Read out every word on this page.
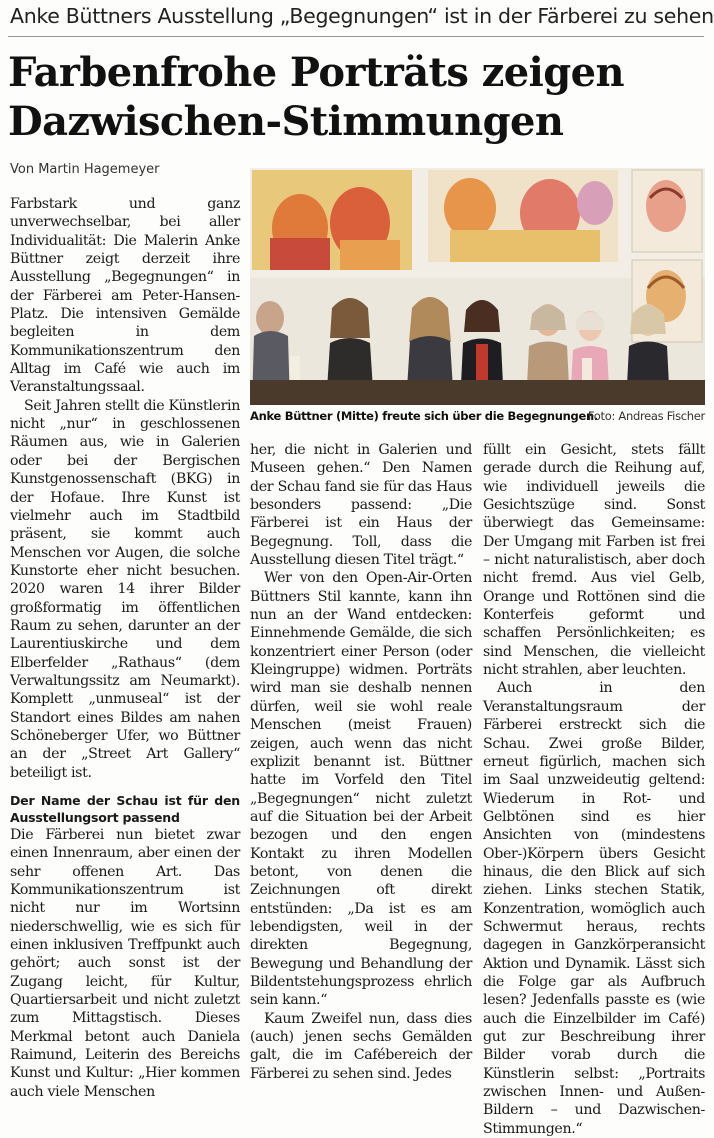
Anke Büttners Ausstellung „Begegnungen“ ist in der Färberei zu sehen
Farbenfrohe Porträts zeigen
Dazwischen-Stimmungen
Von Martin Hagemeyer

Farbstark und ganz unverwechselbar, bei aller Individualität: Die Malerin Anke Büttner zeigt derzeit ihre Ausstellung „Begegnungen“ in der Färberei am Peter-Hansen-Platz. Die intensiven Gemälde begleiten in dem Kommunikationszentrum den Alltag im Café wie auch im Veranstaltungssaal.

Seit Jahren stellt die Künstlerin nicht „nur“ in geschlossenen Räumen aus, wie in Galerien oder bei der Bergischen Kunstgenossenschaft (BKG) in der Hofaue. Ihre Kunst ist vielmehr auch im Stadtbild präsent, sie kommt auch Menschen vor Augen, die solche Kunstorte eher nicht besuchen. 2020 waren 14 ihrer Bilder großformatig im öffentlichen Raum zu sehen, darunter an der Laurentiuskirche und dem Elberfelder „Rathaus“ (dem Verwaltungssitz am Neumarkt). Komplett „unmuseal“ ist der Standort eines Bildes am nahen Schöneberger Ufer, wo Büttner an der „Street Art Gallery“ beteiligt ist.

Der Name der Schau ist für den Ausstellungsort passend

Die Färberei nun bietet zwar einen Innenraum, aber einen der sehr offenen Art. Das Kommunikationszentrum ist nicht nur im Wortsinn niederschwellig, wie es sich für einen inklusiven Treffpunkt auch gehört; auch sonst ist der Zugang leicht, für Kultur, Quartiersarbeit und nicht zuletzt zum Mittagstisch. Dieses Merkmal betont auch Daniela Raimund, Leiterin des Bereichs Kunst und Kultur: „Hier kommen auch viele Menschen

Anke Büttner (Mitte) freute sich über die Begegnungen.
Foto: Andreas Fischer

her, die nicht in Galerien und Museen gehen.“ Den Namen der Schau fand sie für das Haus besonders passend: „Die Färberei ist ein Haus der Begegnung. Toll, dass die Ausstellung diesen Titel trägt.“

Wer von den Open-Air-Orten Büttners Stil kannte, kann ihn nun an der Wand entdecken: Einnehmende Gemälde, die sich konzentriert einer Person (oder Kleingruppe) widmen. Porträts wird man sie deshalb nennen dürfen, weil sie wohl reale Menschen (meist Frauen) zeigen, auch wenn das nicht explizit benannt ist. Büttner hatte im Vorfeld den Titel „Begegnungen“ nicht zuletzt auf die Situation bei der Arbeit bezogen und den engen Kontakt zu ihren Modellen betont, von denen die Zeichnungen oft direkt entstünden: „Da ist es am lebendigsten, weil in der direkten Begegnung, Bewegung und Behandlung der Bildentstehungsprozess ehrlich sein kann.“

Kaum Zweifel nun, dass dies (auch) jenen sechs Gemälden galt, die im Cafébereich der Färberei zu sehen sind. Jedes

füllt ein Gesicht, stets fällt gerade durch die Reihung auf, wie individuell jeweils die Gesichtszüge sind. Sonst überwiegt das Gemeinsame: Der Umgang mit Farben ist frei – nicht naturalistisch, aber doch nicht fremd. Aus viel Gelb, Orange und Rottönen sind die Konterfeis geformt und schaffen Persönlichkeiten; es sind Menschen, die vielleicht nicht strahlen, aber leuchten.

Auch in den Veranstaltungsraum der Färberei erstreckt sich die Schau. Zwei große Bilder, erneut figürlich, machen sich im Saal unzweideutig geltend: Wiederum in Rot- und Gelbtönen sind es hier Ansichten von (mindestens Ober-)Körpern übers Gesicht hinaus, die den Blick auf sich ziehen. Links stechen Statik, Konzentration, womöglich auch Schwermut heraus, rechts dagegen in Ganzkörperansicht Aktion und Dynamik. Lässt sich die Folge gar als Aufbruch lesen? Jedenfalls passte es (wie auch die Einzelbilder im Café) gut zur Beschreibung ihrer Bilder vorab durch die Künstlerin selbst: „Portraits zwischen Innen- und Außen-Bildern – und Dazwischen-Stimmungen.“
